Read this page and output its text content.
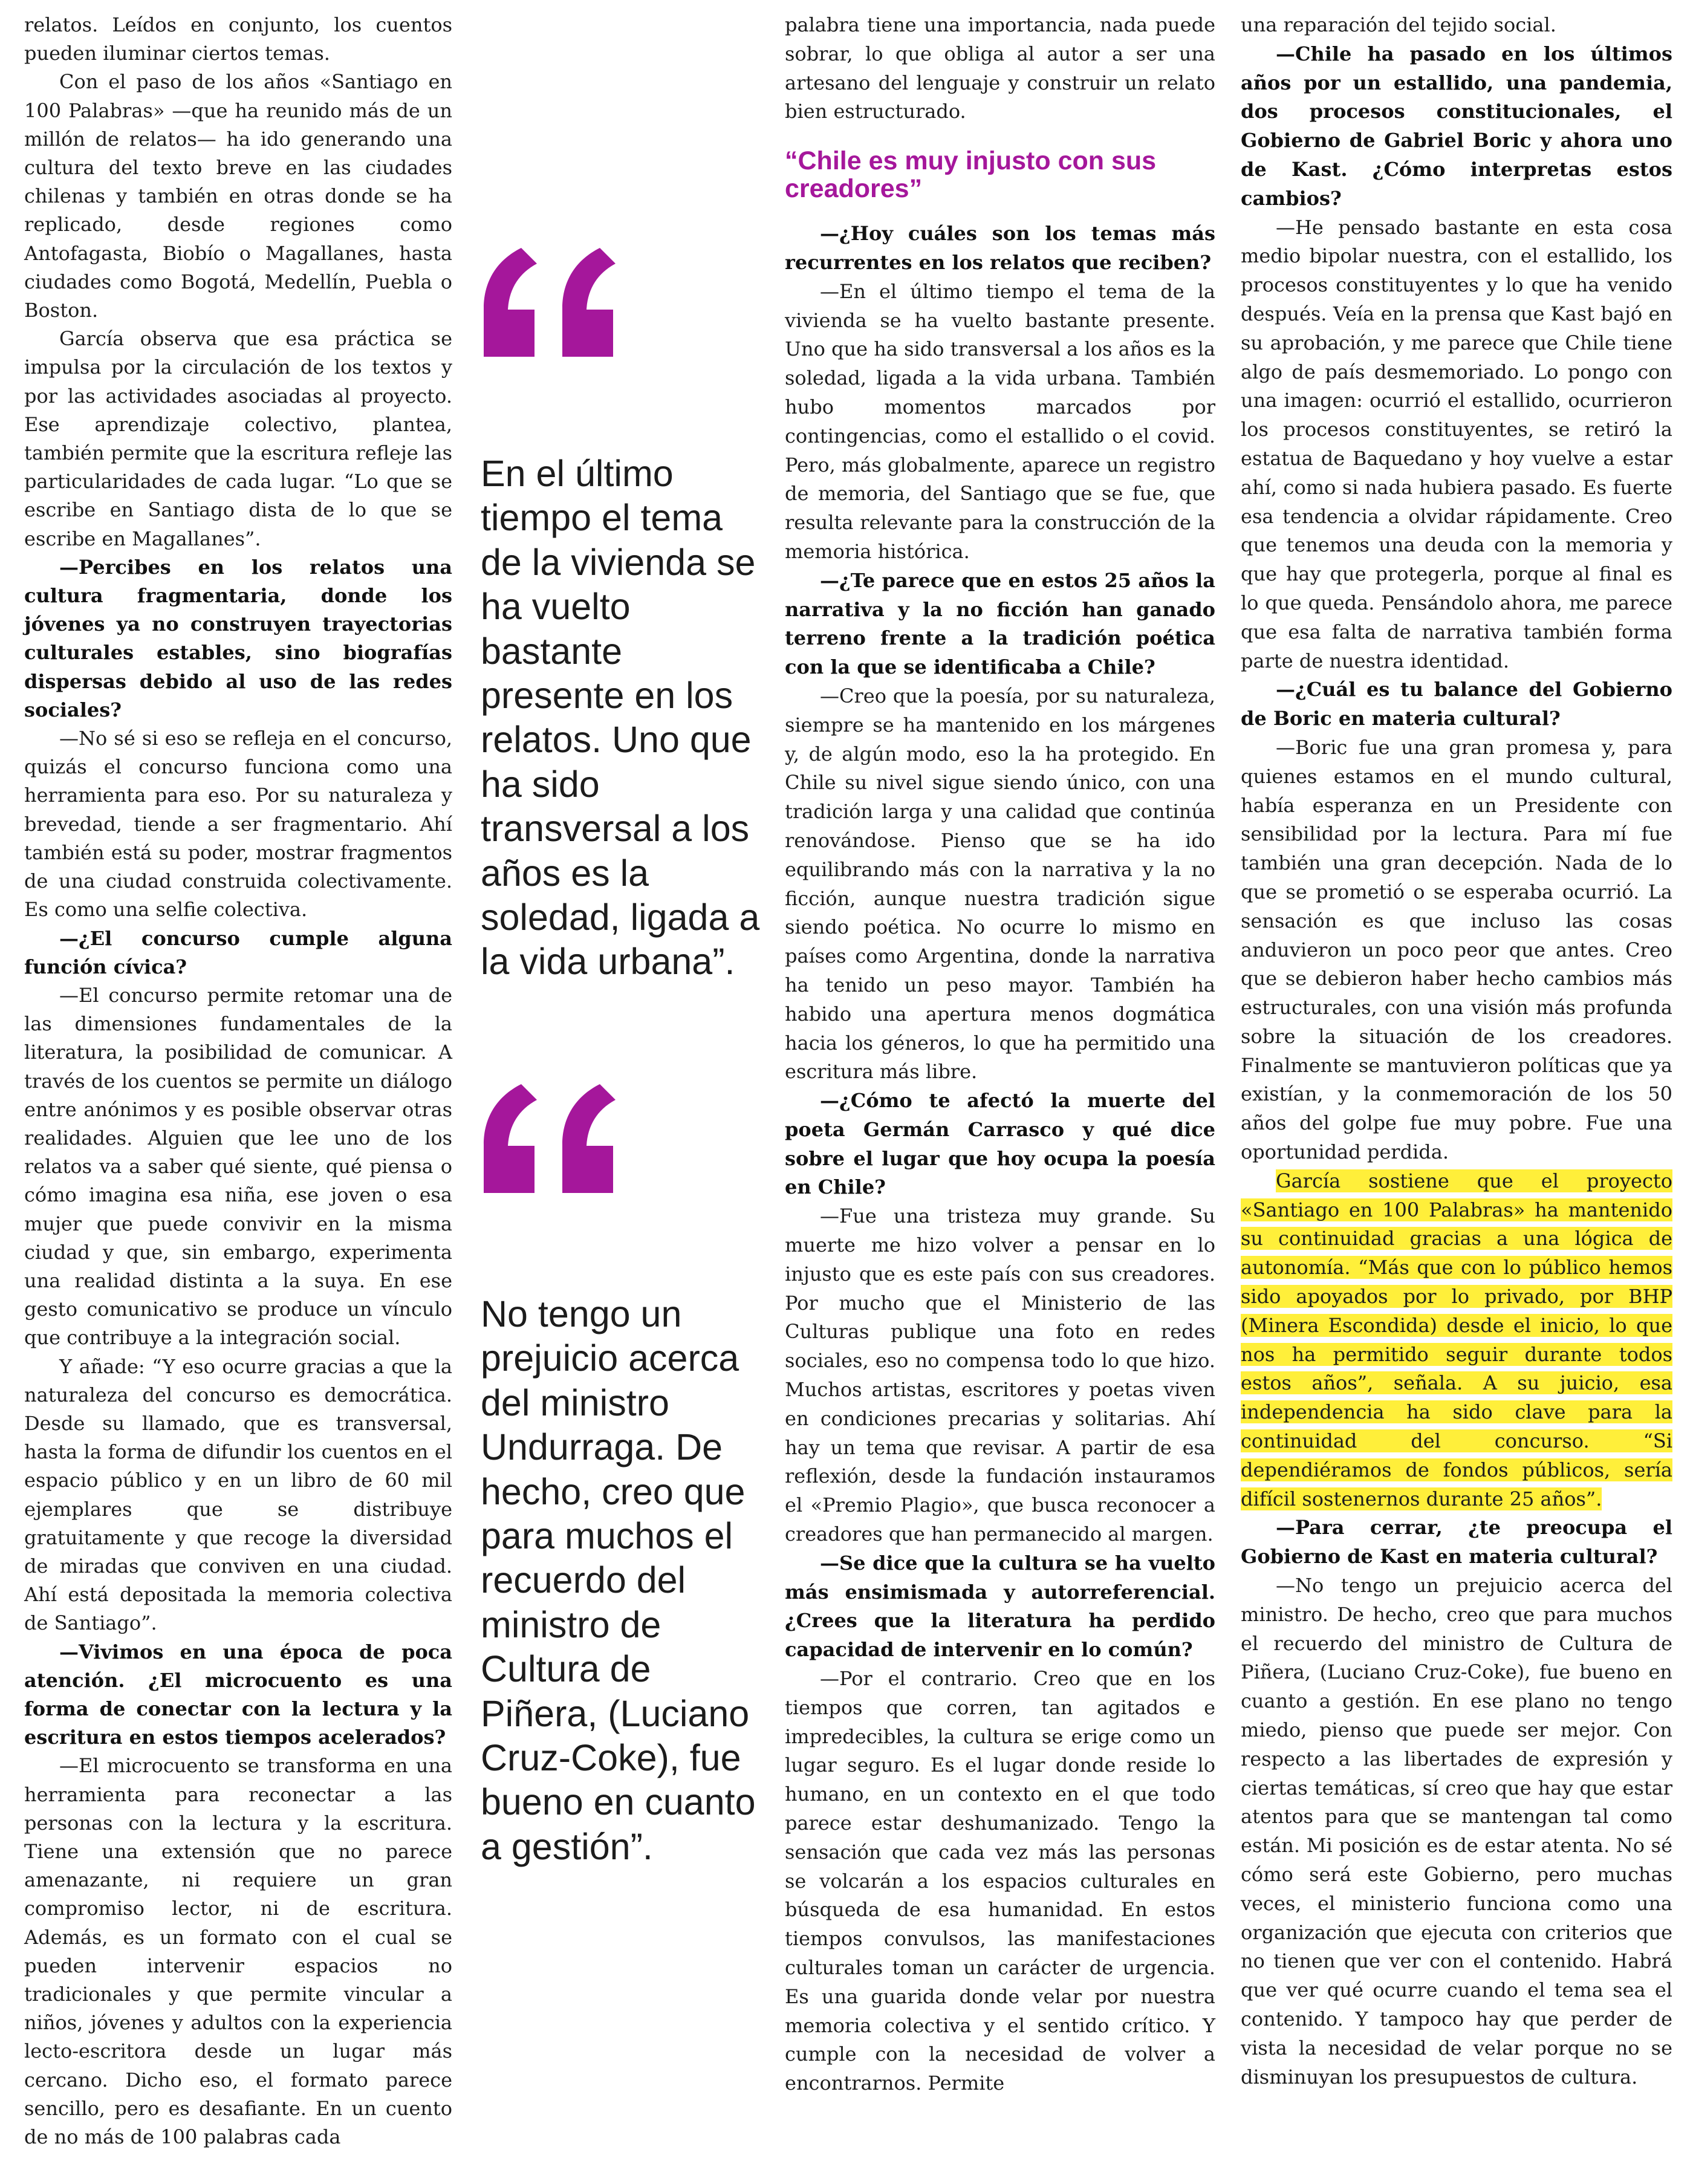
relatos. Leídos en conjunto, los cuentos pueden iluminar ciertos temas.

Con el paso de los años «Santiago en 100 Palabras» —que ha reunido más de un millón de relatos— ha ido generando una cultura del texto breve en las ciudades chilenas y también en otras donde se ha replicado, desde regiones como Antofagasta, Biobío o Magallanes, hasta ciudades como Bogotá, Medellín, Puebla o Boston.

García observa que esa práctica se impulsa por la circulación de los textos y por las actividades asociadas al proyecto. Ese aprendizaje colectivo, plantea, también permite que la escritura refleje las particularidades de cada lugar. “Lo que se escribe en Santiago dista de lo que se escribe en Magallanes”.

—Percibes en los relatos una cultura fragmentaria, donde los jóvenes ya no construyen trayectorias culturales estables, sino biografías dispersas debido al uso de las redes sociales?

—No sé si eso se refleja en el concurso, quizás el concurso funciona como una herramienta para eso. Por su naturaleza y brevedad, tiende a ser fragmentario. Ahí también está su poder, mostrar fragmentos de una ciudad construida colectivamente. Es como una selfie colectiva.

—¿El concurso cumple alguna función cívica?

—El concurso permite retomar una de las dimensiones fundamentales de la literatura, la posibilidad de comunicar. A través de los cuentos se permite un diálogo entre anónimos y es posible observar otras realidades. Alguien que lee uno de los relatos va a saber qué siente, qué piensa o cómo imagina esa niña, ese joven o esa mujer que puede convivir en la misma ciudad y que, sin embargo, experimenta una realidad distinta a la suya. En ese gesto comunicativo se produce un vínculo que contribuye a la integración social.

Y añade: “Y eso ocurre gracias a que la naturaleza del concurso es democrática. Desde su llamado, que es transversal, hasta la forma de difundir los cuentos en el espacio público y en un libro de 60 mil ejemplares que se distribuye gratuitamente y que recoge la diversidad de miradas que conviven en una ciudad. Ahí está depositada la memoria colectiva de Santiago”.

—Vivimos en una época de poca atención. ¿El microcuento es una forma de conectar con la lectura y la escritura en estos tiempos acelerados?

—El microcuento se transforma en una herramienta para reconectar a las personas con la lectura y la escritura. Tiene una extensión que no parece amenazante, ni requiere un gran compromiso lector, ni de escritura. Además, es un formato con el cual se pueden intervenir espacios no tradicionales y que permite vincular a niños, jóvenes y adultos con la experiencia lecto-escritora desde un lugar más cercano. Dicho eso, el formato parece sencillo, pero es desafiante. En un cuento de no más de 100 palabras cada

En el último tiempo el tema de la vivienda se ha vuelto bastante presente en los relatos. Uno que ha sido transversal a los años es la soledad, ligada a la vida urbana”.
No tengo un prejuicio acerca del ministro Undurraga. De hecho, creo que para muchos el recuerdo del ministro de Cultura de Piñera, (Luciano Cruz-Coke), fue bueno en cuanto a gestión”.

palabra tiene una importancia, nada puede sobrar, lo que obliga al autor a ser una artesano del lenguaje y construir un relato bien estructurado.

“Chile es muy injusto con sus creadores”

—¿Hoy cuáles son los temas más recurrentes en los relatos que reciben?

—En el último tiempo el tema de la vivienda se ha vuelto bastante presente. Uno que ha sido transversal a los años es la soledad, ligada a la vida urbana. También hubo momentos marcados por contingencias, como el estallido o el covid. Pero, más globalmente, aparece un registro de memoria, del Santiago que se fue, que resulta relevante para la construcción de la memoria histórica.

—¿Te parece que en estos 25 años la narrativa y la no ficción han ganado terreno frente a la tradición poética con la que se identificaba a Chile?

—Creo que la poesía, por su naturaleza, siempre se ha mantenido en los márgenes y, de algún modo, eso la ha protegido. En Chile su nivel sigue siendo único, con una tradición larga y una calidad que continúa renovándose. Pienso que se ha ido equilibrando más con la narrativa y la no ficción, aunque nuestra tradición sigue siendo poética. No ocurre lo mismo en países como Argentina, donde la narrativa ha tenido un peso mayor. También ha habido una apertura menos dogmática hacia los géneros, lo que ha permitido una escritura más libre.

—¿Cómo te afectó la muerte del poeta Germán Carrasco y qué dice sobre el lugar que hoy ocupa la poesía en Chile?

—Fue una tristeza muy grande. Su muerte me hizo volver a pensar en lo injusto que es este país con sus creadores. Por mucho que el Ministerio de las Culturas publique una foto en redes sociales, eso no compensa todo lo que hizo. Muchos artistas, escritores y poetas viven en condiciones precarias y solitarias. Ahí hay un tema que revisar. A partir de esa reflexión, desde la fundación instauramos el «Premio Plagio», que busca reconocer a creadores que han permanecido al margen.

—Se dice que la cultura se ha vuelto más ensimismada y autorreferencial. ¿Crees que la literatura ha perdido capacidad de intervenir en lo común?

—Por el contrario. Creo que en los tiempos que corren, tan agitados e impredecibles, la cultura se erige como un lugar seguro. Es el lugar donde reside lo humano, en un contexto en el que todo parece estar deshumanizado. Tengo la sensación que cada vez más las personas se volcarán a los espacios culturales en búsqueda de esa humanidad. En estos tiempos convulsos, las manifestaciones culturales toman un carácter de urgencia. Es una guarida donde velar por nuestra memoria colectiva y el sentido crítico. Y cumple con la necesidad de volver a encontrarnos. Permite

una reparación del tejido social.

—Chile ha pasado en los últimos años por un estallido, una pandemia, dos procesos constitucionales, el Gobierno de Gabriel Boric y ahora uno de Kast. ¿Cómo interpretas estos cambios?

—He pensado bastante en esta cosa medio bipolar nuestra, con el estallido, los procesos constituyentes y lo que ha venido después. Veía en la prensa que Kast bajó en su aprobación, y me parece que Chile tiene algo de país desmemoriado. Lo pongo con una imagen: ocurrió el estallido, ocurrieron los procesos constituyentes, se retiró la estatua de Baquedano y hoy vuelve a estar ahí, como si nada hubiera pasado. Es fuerte esa tendencia a olvidar rápidamente. Creo que tenemos una deuda con la memoria y que hay que protegerla, porque al final es lo que queda. Pensándolo ahora, me parece que esa falta de narrativa también forma parte de nuestra identidad.

—¿Cuál es tu balance del Gobierno de Boric en materia cultural?

—Boric fue una gran promesa y, para quienes estamos en el mundo cultural, había esperanza en un Presidente con sensibilidad por la lectura. Para mí fue también una gran decepción. Nada de lo que se prometió o se esperaba ocurrió. La sensación es que incluso las cosas anduvieron un poco peor que antes. Creo que se debieron haber hecho cambios más estructurales, con una visión más profunda sobre la situación de los creadores. Finalmente se mantuvieron políticas que ya existían, y la conmemoración de los 50 años del golpe fue muy pobre. Fue una oportunidad perdida.

García sostiene que el proyecto «Santiago en 100 Palabras» ha mantenido su continuidad gracias a una lógica de autonomía. “Más que con lo público hemos sido apoyados por lo privado, por BHP (Minera Escondida) desde el inicio, lo que nos ha permitido seguir durante todos estos años”, señala. A su juicio, esa independencia ha sido clave para la continuidad del concurso. “Si dependiéramos de fondos públicos, sería difícil sostenernos durante 25 años”.

—Para cerrar, ¿te preocupa el Gobierno de Kast en materia cultural?

—No tengo un prejuicio acerca del ministro. De hecho, creo que para muchos el recuerdo del ministro de Cultura de Piñera, (Luciano Cruz-Coke), fue bueno en cuanto a gestión. En ese plano no tengo miedo, pienso que puede ser mejor. Con respecto a las libertades de expresión y ciertas temáticas, sí creo que hay que estar atentos para que se mantengan tal como están. Mi posición es de estar atenta. No sé cómo será este Gobierno, pero muchas veces, el ministerio funciona como una organización que ejecuta con criterios que no tienen que ver con el contenido. Habrá que ver qué ocurre cuando el tema sea el contenido. Y tampoco hay que perder de vista la necesidad de velar porque no se disminuyan los presupuestos de cultura.
